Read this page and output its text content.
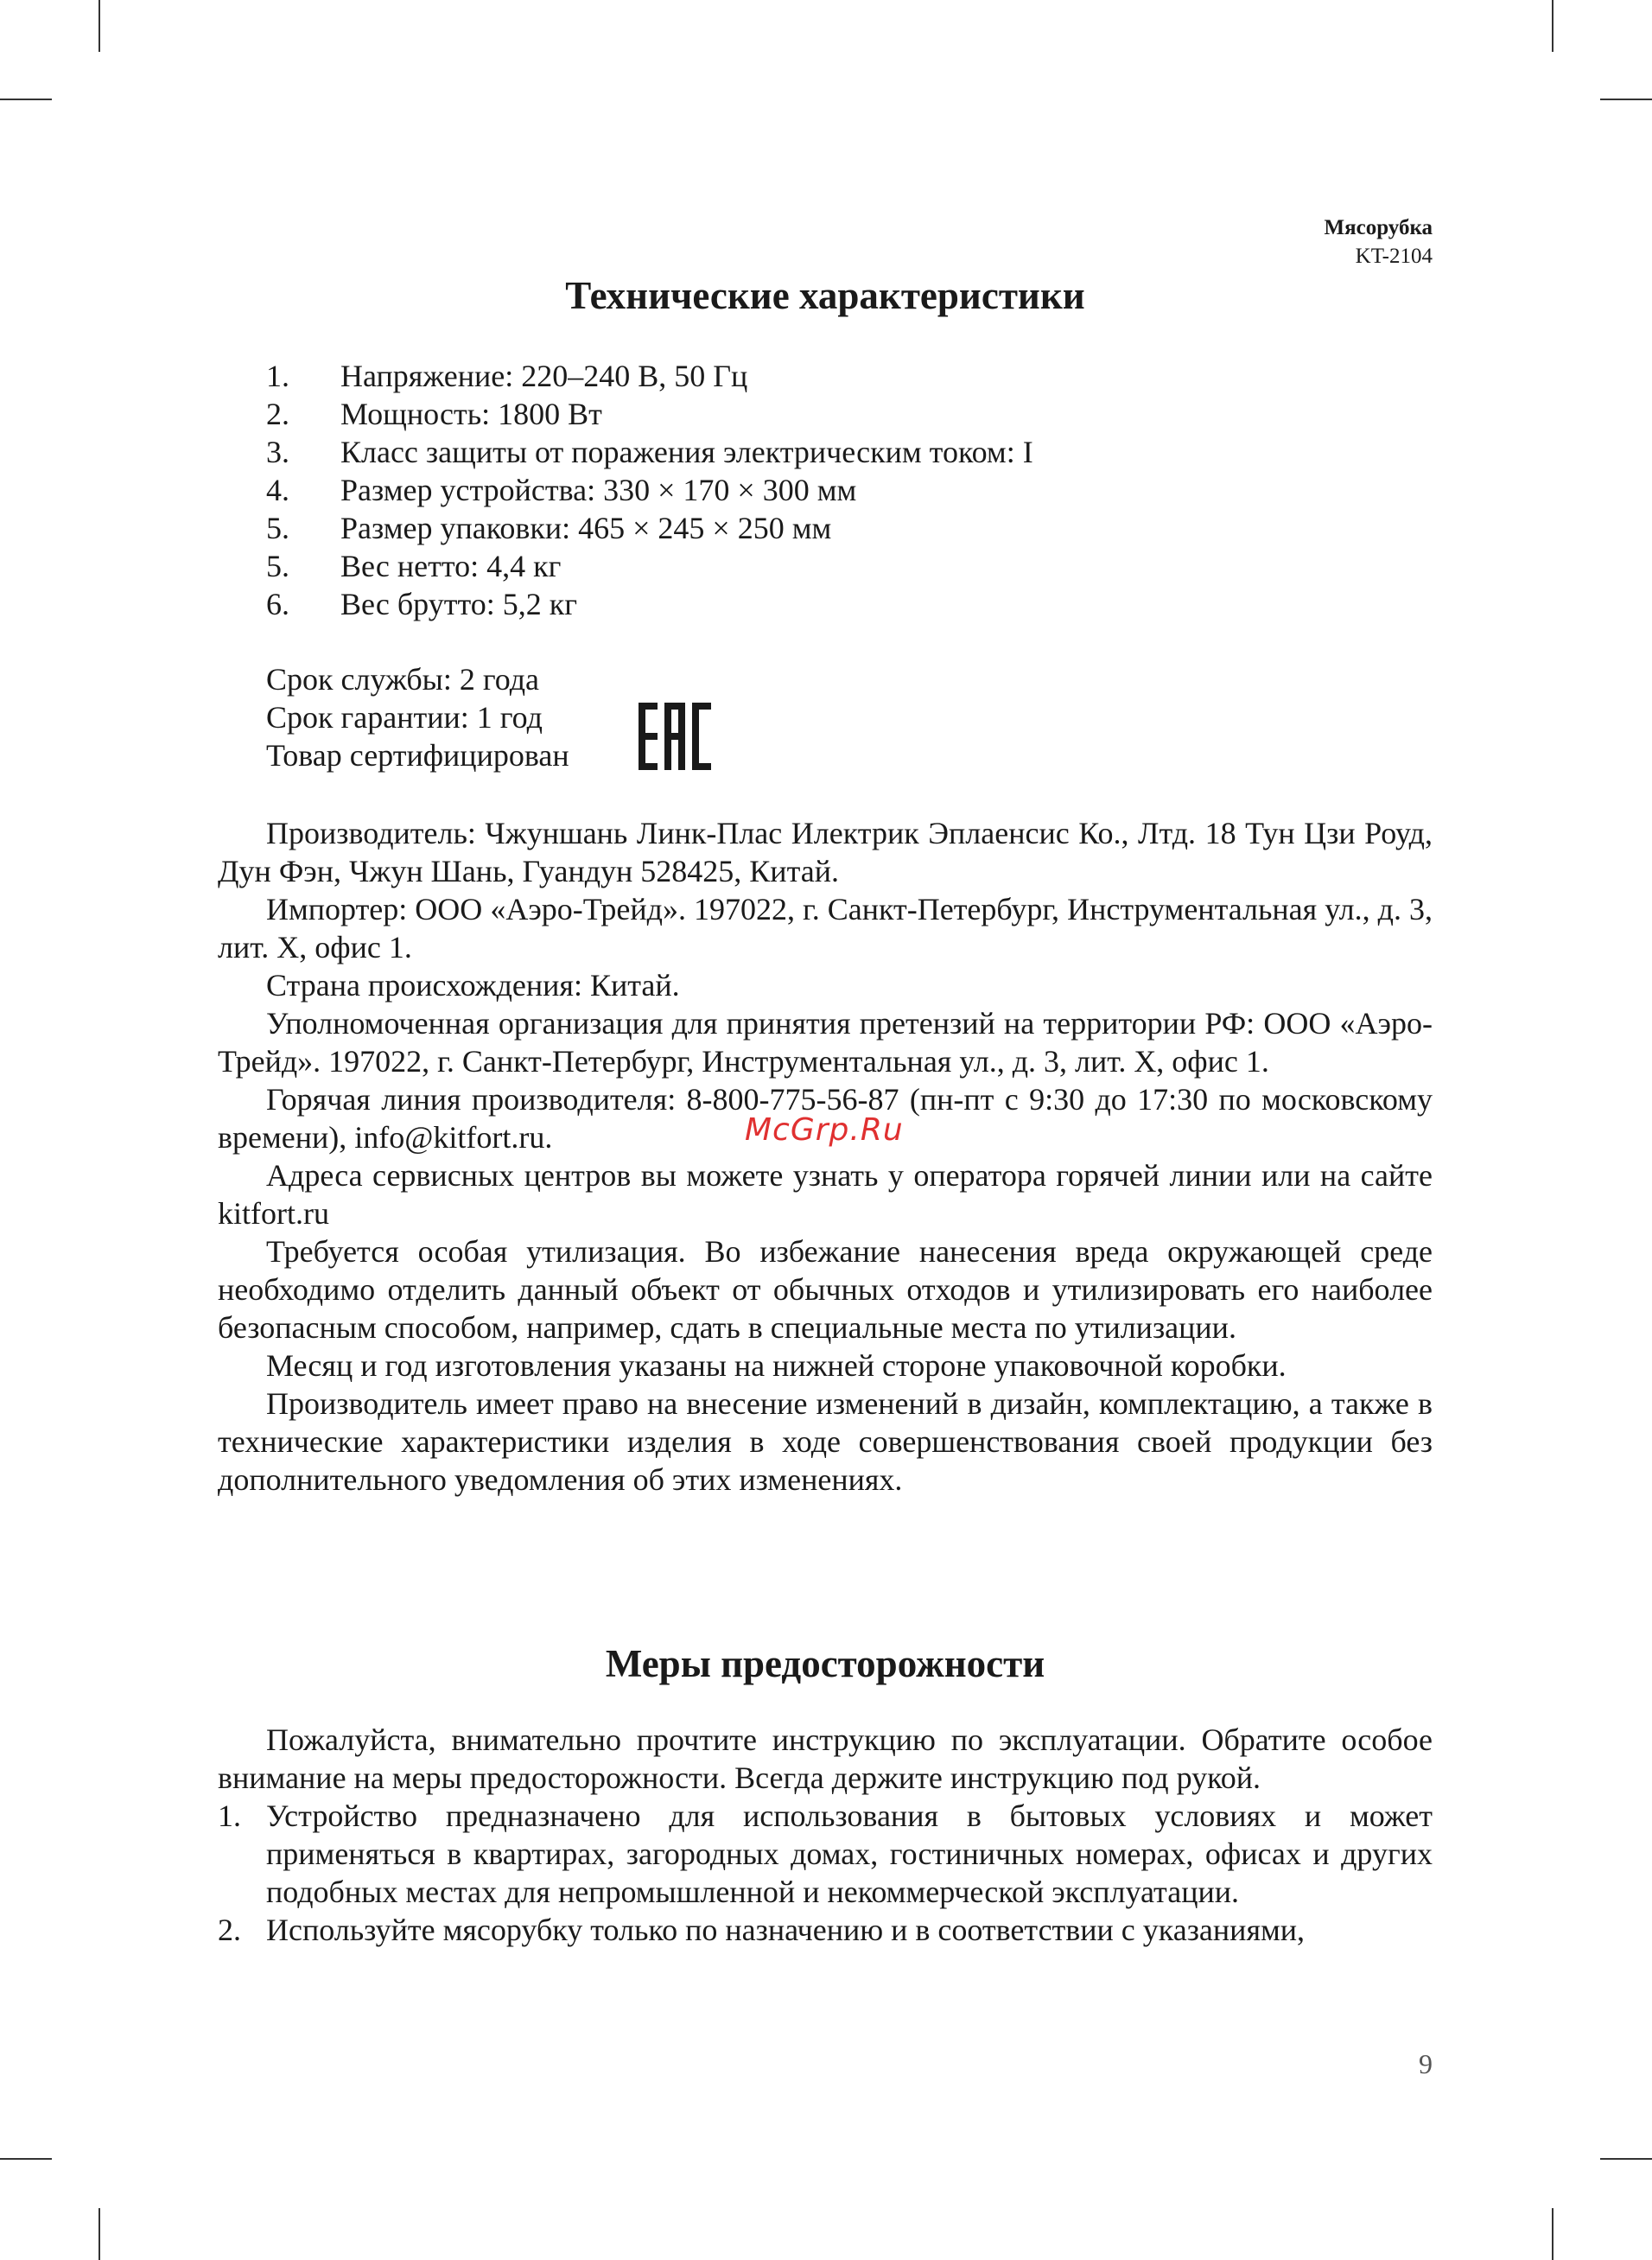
Мясорубка
KT-2104
Технические характеристики
1.	Напряжение: 220–240 В, 50 Гц
2.	Мощность: 1800 Вт
3.	Класс защиты от поражения электрическим током: I
4.	Размер устройства: 330 × 170 × 300 мм
5.	Размер упаковки: 465 × 245 × 250 мм
5.	Вес нетто: 4,4 кг
6.	Вес брутто: 5,2 кг
Срок службы: 2 года
Срок гарантии: 1 год
Товар сертифицирован

Производитель: Чжуншань Линк-Плас Илектрик Эплаенсис Ко., Лтд. 18 Тун Цзи Роуд, Дун Фэн, Чжун Шань, Гуандун 528425, Китай.

Импортер: ООО «Аэро-Трейд». 197022, г. Санкт-Петербург, Инструментальная ул., д. 3, лит. Х, офис 1.

Страна происхождения: Китай.

Уполномоченная организация для принятия претензий на территории РФ: ООО «Аэро-Трейд». 197022, г. Санкт-Петербург, Инструментальная ул., д. 3, лит. Х, офис 1.

Горячая линия производителя: 8-800-775-56-87 (пн-пт с 9:30 до 17:30 по московскому времени), info@kitfort.ru.

Адреса сервисных центров вы можете узнать у оператора горячей линии или на сайте kitfort.ru

Требуется особая утилизация. Во избежание нанесения вреда окружающей среде необходимо отделить данный объект от обычных отходов и утилизировать его наиболее безопасным способом, например, сдать в специальные места по утилизации.

Месяц и год изготовления указаны на нижней стороне упаковочной коробки.

Производитель имеет право на внесение изменений в дизайн, комплектацию, а также в технические характеристики изделия в ходе совершенствования своей продукции без дополнительного уведомления об этих изменениях.

Меры предосторожности

Пожалуйста, внимательно прочтите инструкцию по эксплуатации. Обратите особое внимание на меры предосторожности. Всегда держите инструкцию под рукой.

1. Устройство предназначено для использования в бытовых условиях и может применяться в квартирах, загородных домах, гостиничных номерах, офисах и других подобных местах для непромышленной и некоммерческой эксплуатации.
2. Используйте мясорубку только по назначению и в соответствии с указаниями,
McGrp.Ru
9
